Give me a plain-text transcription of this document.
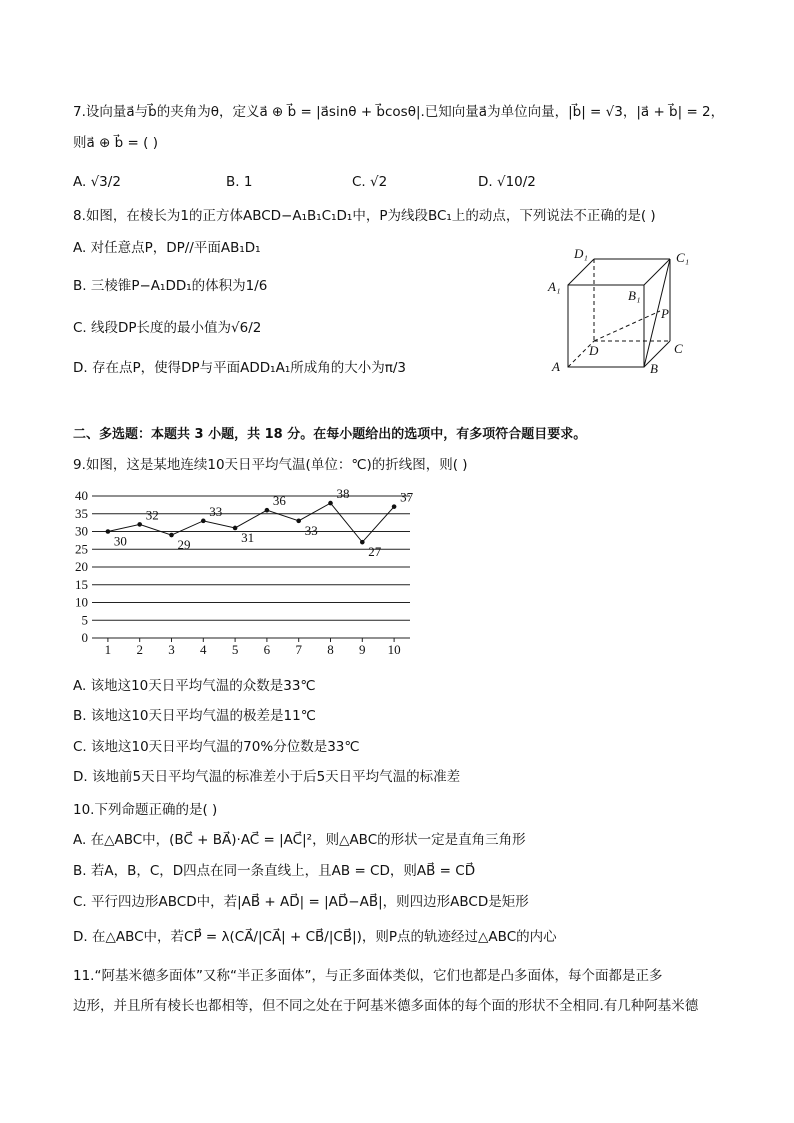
7.设向量a⃗与b⃗的夹角为θ，定义a⃗ ⊕ b⃗ = |a⃗sinθ + b⃗cosθ|.已知向量a⃗为单位向量，|b⃗| = √3，|a⃗ + b⃗| = 2，
则a⃗ ⊕ b⃗ = ( )
A. √3/2	B. 1	C. √2	D. √10/2
8.如图，在棱长为1的正方体ABCD−A₁B₁C₁D₁中，P为线段BC₁上的动点，下列说法不正确的是( )
A. 对任意点P，DP//平面AB₁D₁
B. 三棱锥P−A₁DD₁的体积为1/6
C. 线段DP长度的最小值为√6/2
D. 存在点P，使得DP与平面ADD₁A₁所成角的大小为π/3
D₁	C₁
A₁
B₁
P
D	C
A	B
二、多选题：本题共 3 小题，共 18 分。在每小题给出的选项中，有多项符合题目要求。
9.如图，这是某地连续10天日平均气温(单位：℃)的折线图，则( )
0
5
10
15
20
25
30
35
40
1 2 3 4 5 6 7 8 9 10
30
32
29
33
31
36
33
38
27
37
A. 该地这10天日平均气温的众数是33℃
B. 该地这10天日平均气温的极差是11℃
C. 该地这10天日平均气温的70%分位数是33℃
D. 该地前5天日平均气温的标准差小于后5天日平均气温的标准差
10.下列命题正确的是( )
A. 在△ABC中，(BC⃗ + BA⃗)·AC⃗ = |AC⃗|²，则△ABC的形状一定是直角三角形
B. 若A，B，C，D四点在同一条直线上，且AB = CD，则AB⃗ = CD⃗
C. 平行四边形ABCD中，若|AB⃗ + AD⃗| = |AD⃗−AB⃗|，则四边形ABCD是矩形
D. 在△ABC中，若CP⃗ = λ(CA⃗/|CA⃗| + CB⃗/|CB⃗|)，则P点的轨迹经过△ABC的内心
11.“阿基米德多面体”又称“半正多面体”，与正多面体类似，它们也都是凸多面体，每个面都是正多
边形，并且所有棱长也都相等，但不同之处在于阿基米德多面体的每个面的形状不全相同.有几种阿基米德
